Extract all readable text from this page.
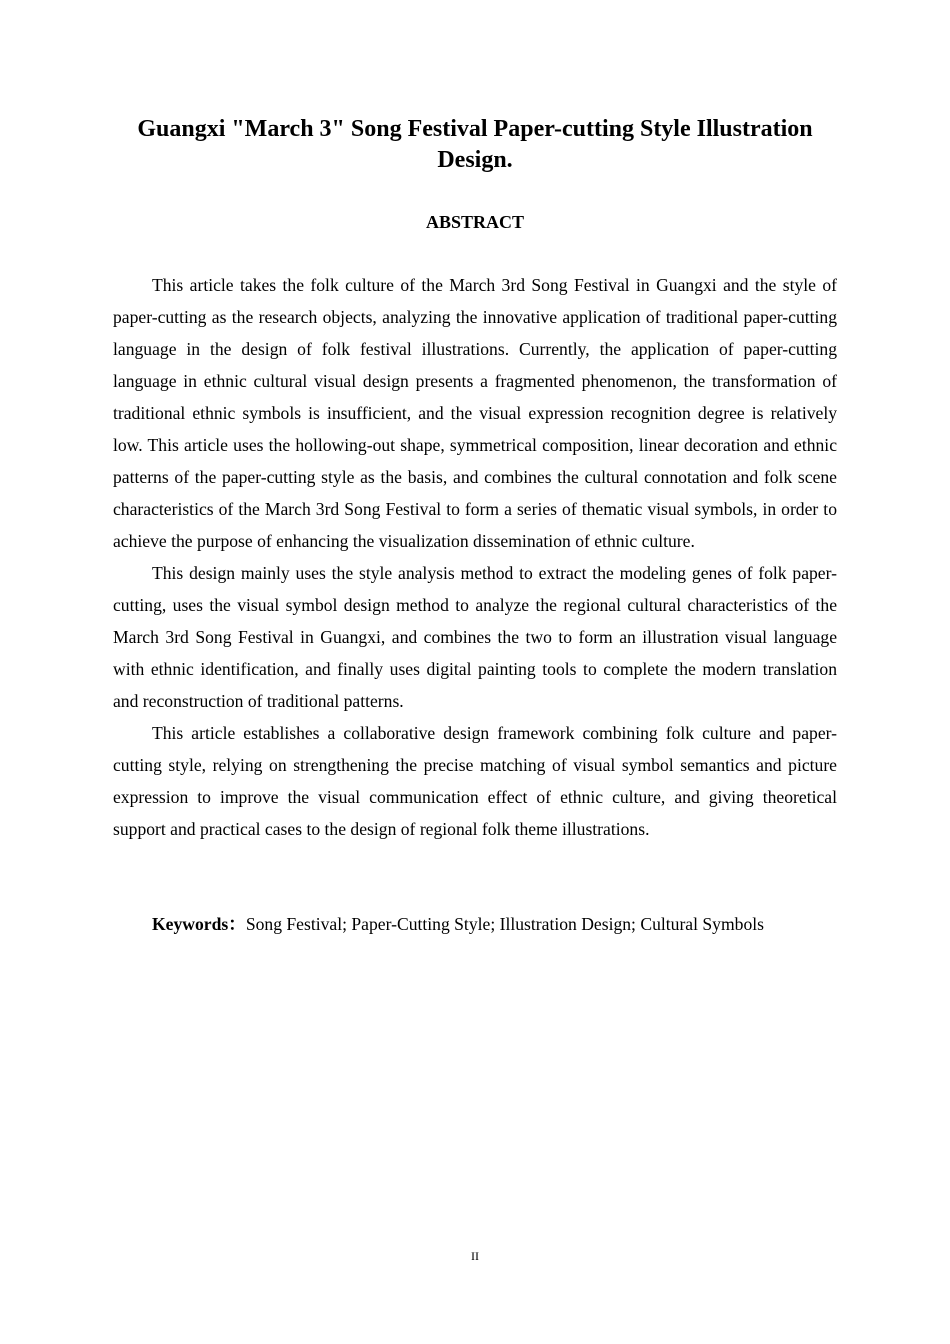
Guangxi "March 3" Song Festival Paper-cutting Style Illustration Design.
ABSTRACT

This article takes the folk culture of the March 3rd Song Festival in Guangxi and the style of paper-cutting as the research objects, analyzing the innovative application of traditional paper-cutting language in the design of folk festival illustrations. Currently, the application of paper-cutting language in ethnic cultural visual design presents a fragmented phenomenon, the transformation of traditional ethnic symbols is insufficient, and the visual expression recognition degree is relatively low. This article uses the hollowing-out shape, symmetrical composition, linear decoration and ethnic patterns of the paper-cutting style as the basis, and combines the cultural connotation and folk scene characteristics of the March 3rd Song Festival to form a series of thematic visual symbols, in order to achieve the purpose of enhancing the visualization dissemination of ethnic culture.

This design mainly uses the style analysis method to extract the modeling genes of folk paper-cutting, uses the visual symbol design method to analyze the regional cultural characteristics of the March 3rd Song Festival in Guangxi, and combines the two to form an illustration visual language with ethnic identification, and finally uses digital painting tools to complete the modern translation and reconstruction of traditional patterns.

This article establishes a collaborative design framework combining folk culture and paper-cutting style, relying on strengthening the precise matching of visual symbol semantics and picture expression to improve the visual communication effect of ethnic culture, and giving theoretical support and practical cases to the design of regional folk theme illustrations.

Keywords：Song Festival; Paper-Cutting Style; Illustration Design; Cultural Symbols

II
